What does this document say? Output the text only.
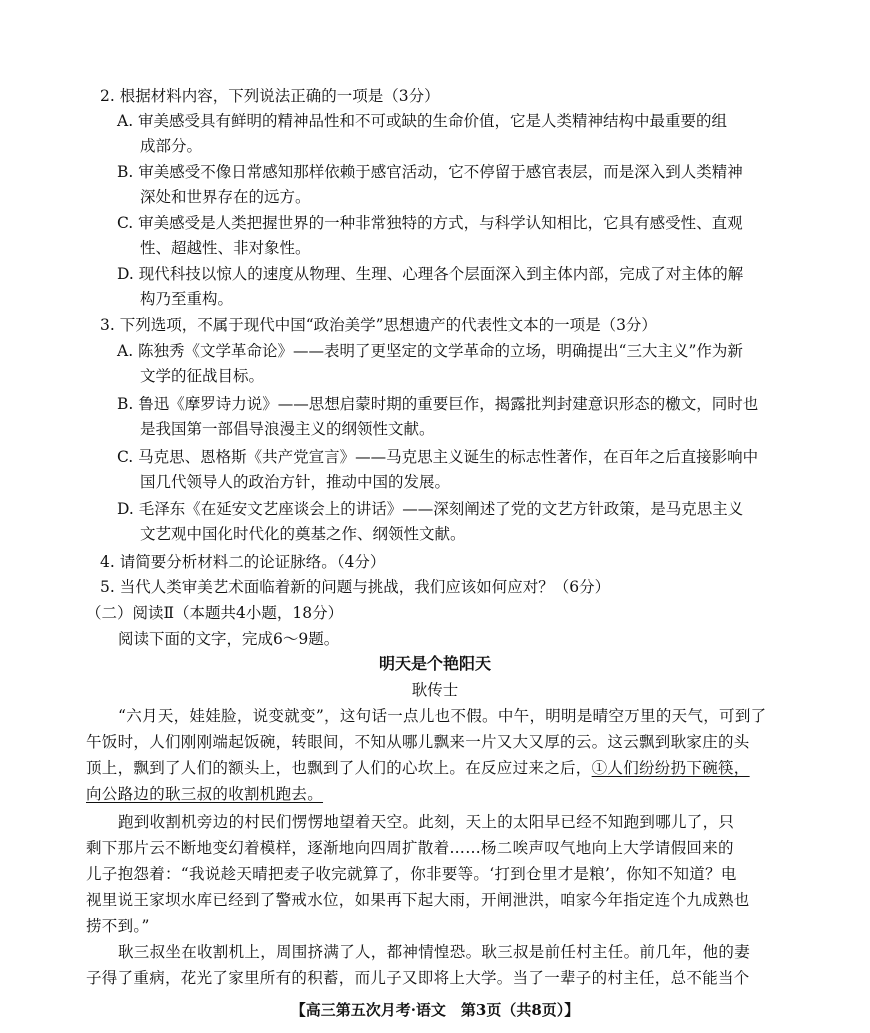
2. 根据材料内容，下列说法正确的一项是（3分）
A. 审美感受具有鲜明的精神品性和不可或缺的生命价值，它是人类精神结构中最重要的组
成部分。
B. 审美感受不像日常感知那样依赖于感官活动，它不停留于感官表层，而是深入到人类精神
深处和世界存在的远方。
C. 审美感受是人类把握世界的一种非常独特的方式，与科学认知相比，它具有感受性、直观
性、超越性、非对象性。
D. 现代科技以惊人的速度从物理、生理、心理各个层面深入到主体内部，完成了对主体的解
构乃至重构。
3. 下列选项，不属于现代中国“政治美学”思想遗产的代表性文本的一项是（3分）
A. 陈独秀《文学革命论》——表明了更坚定的文学革命的立场，明确提出“三大主义”作为新
文学的征战目标。
B. 鲁迅《摩罗诗力说》——思想启蒙时期的重要巨作，揭露批判封建意识形态的檄文，同时也
是我国第一部倡导浪漫主义的纲领性文献。
C. 马克思、恩格斯《共产党宣言》——马克思主义诞生的标志性著作，在百年之后直接影响中
国几代领导人的政治方针，推动中国的发展。
D. 毛泽东《在延安文艺座谈会上的讲话》——深刻阐述了党的文艺方针政策，是马克思主义
文艺观中国化时代化的奠基之作、纲领性文献。
4. 请简要分析材料二的论证脉络。（4分）
5. 当代人类审美艺术面临着新的问题与挑战，我们应该如何应对？（6分）
（二）阅读Ⅱ（本题共4小题，18分）
阅读下面的文字，完成6～9题。
明天是个艳阳天
耿传士
“六月天，娃娃脸，说变就变”，这句话一点儿也不假。中午，明明是晴空万里的天气，可到了
午饭时，人们刚刚端起饭碗，转眼间，不知从哪儿飘来一片又大又厚的云。这云飘到耿家庄的头
顶上，飘到了人们的额头上，也飘到了人们的心坎上。在反应过来之后，①人们纷纷扔下碗筷，
向公路边的耿三叔的收割机跑去。
跑到收割机旁边的村民们愣愣地望着天空。此刻，天上的太阳早已经不知跑到哪儿了，只
剩下那片云不断地变幻着模样，逐渐地向四周扩散着……杨二唉声叹气地向上大学请假回来的
儿子抱怨着：“我说趁天晴把麦子收完就算了，你非要等。‘打到仓里才是粮’，你知不知道？电
视里说王家坝水库已经到了警戒水位，如果再下起大雨，开闸泄洪，咱家今年指定连个九成熟也
捞不到。”
耿三叔坐在收割机上，周围挤满了人，都神情惶恐。耿三叔是前任村主任。前几年，他的妻
子得了重病，花光了家里所有的积蓄，而儿子又即将上大学。当了一辈子的村主任，总不能当个
【高三第五次月考·语文　第3页（共8页）】
